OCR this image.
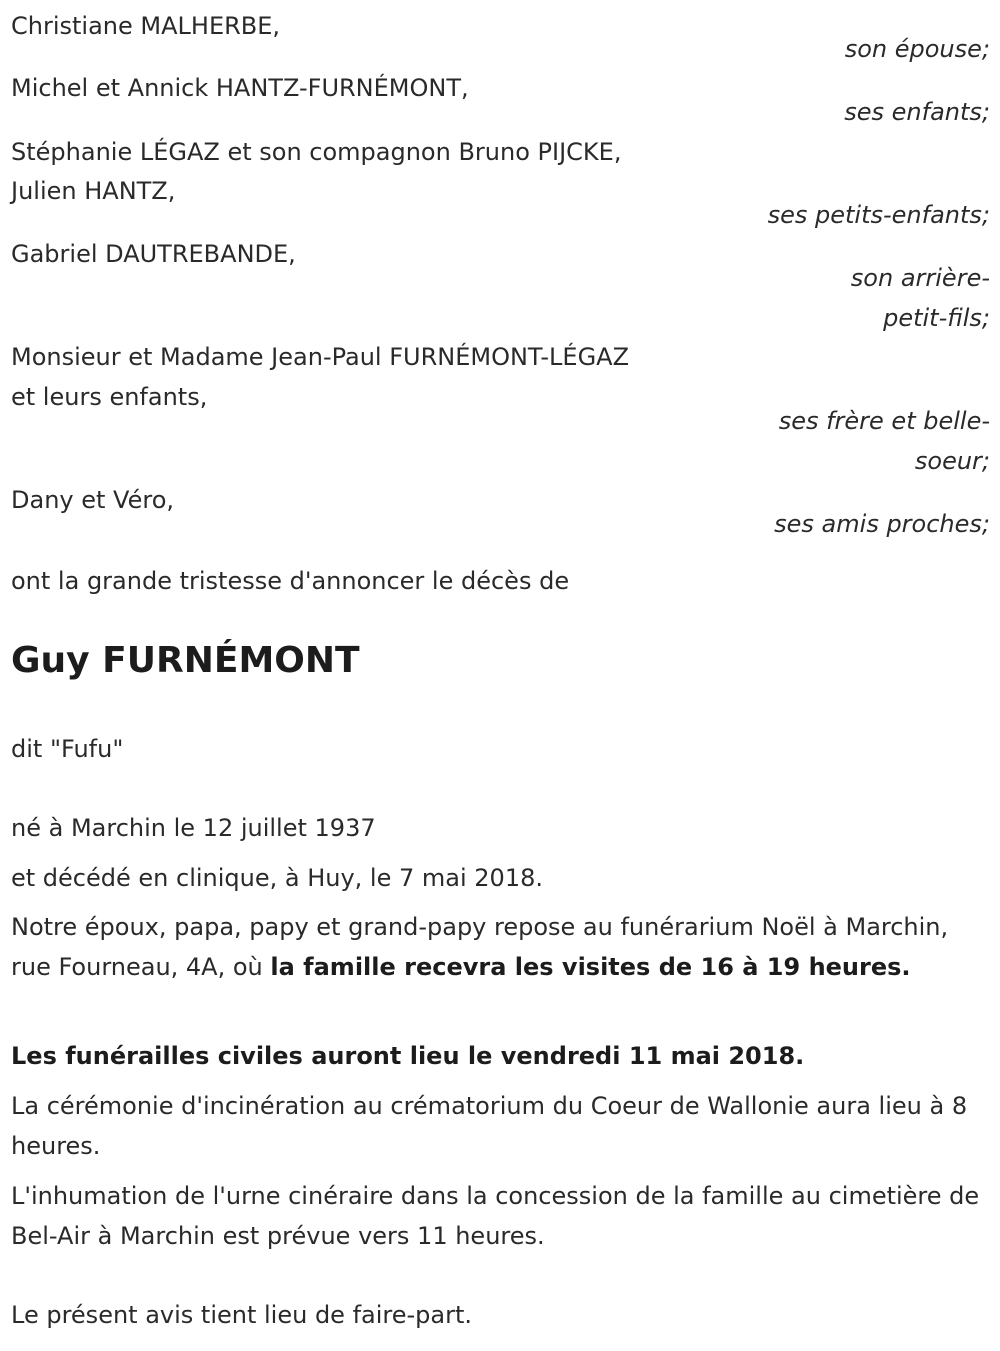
Christiane MALHERBE,
son épouse;
Michel et Annick HANTZ-FURNÉMONT,
ses enfants;
Stéphanie LÉGAZ et son compagnon Bruno PIJCKE,
Julien HANTZ,
ses petits-enfants;
Gabriel DAUTREBANDE,
son arrière-
petit-fils;
Monsieur et Madame Jean-Paul FURNÉMONT-LÉGAZ
et leurs enfants,
ses frère et belle-
soeur;
Dany et Véro,
ses amis proches;
ont la grande tristesse d'annoncer le décès de
Guy FURNÉMONT
dit "Fufu"
né à Marchin le 12 juillet 1937
et décédé en clinique, à Huy, le 7 mai 2018.
Notre époux, papa, papy et grand-papy repose au funérarium Noël à Marchin, rue Fourneau, 4A, où la famille recevra les visites de 16 à 19 heures.
Les funérailles civiles auront lieu le vendredi 11 mai 2018.
La cérémonie d'incinération au crématorium du Coeur de Wallonie aura lieu à 8 heures.
L'inhumation de l'urne cinéraire dans la concession de la famille au cimetière de Bel-Air à Marchin est prévue vers 11 heures.
Le présent avis tient lieu de faire-part.
